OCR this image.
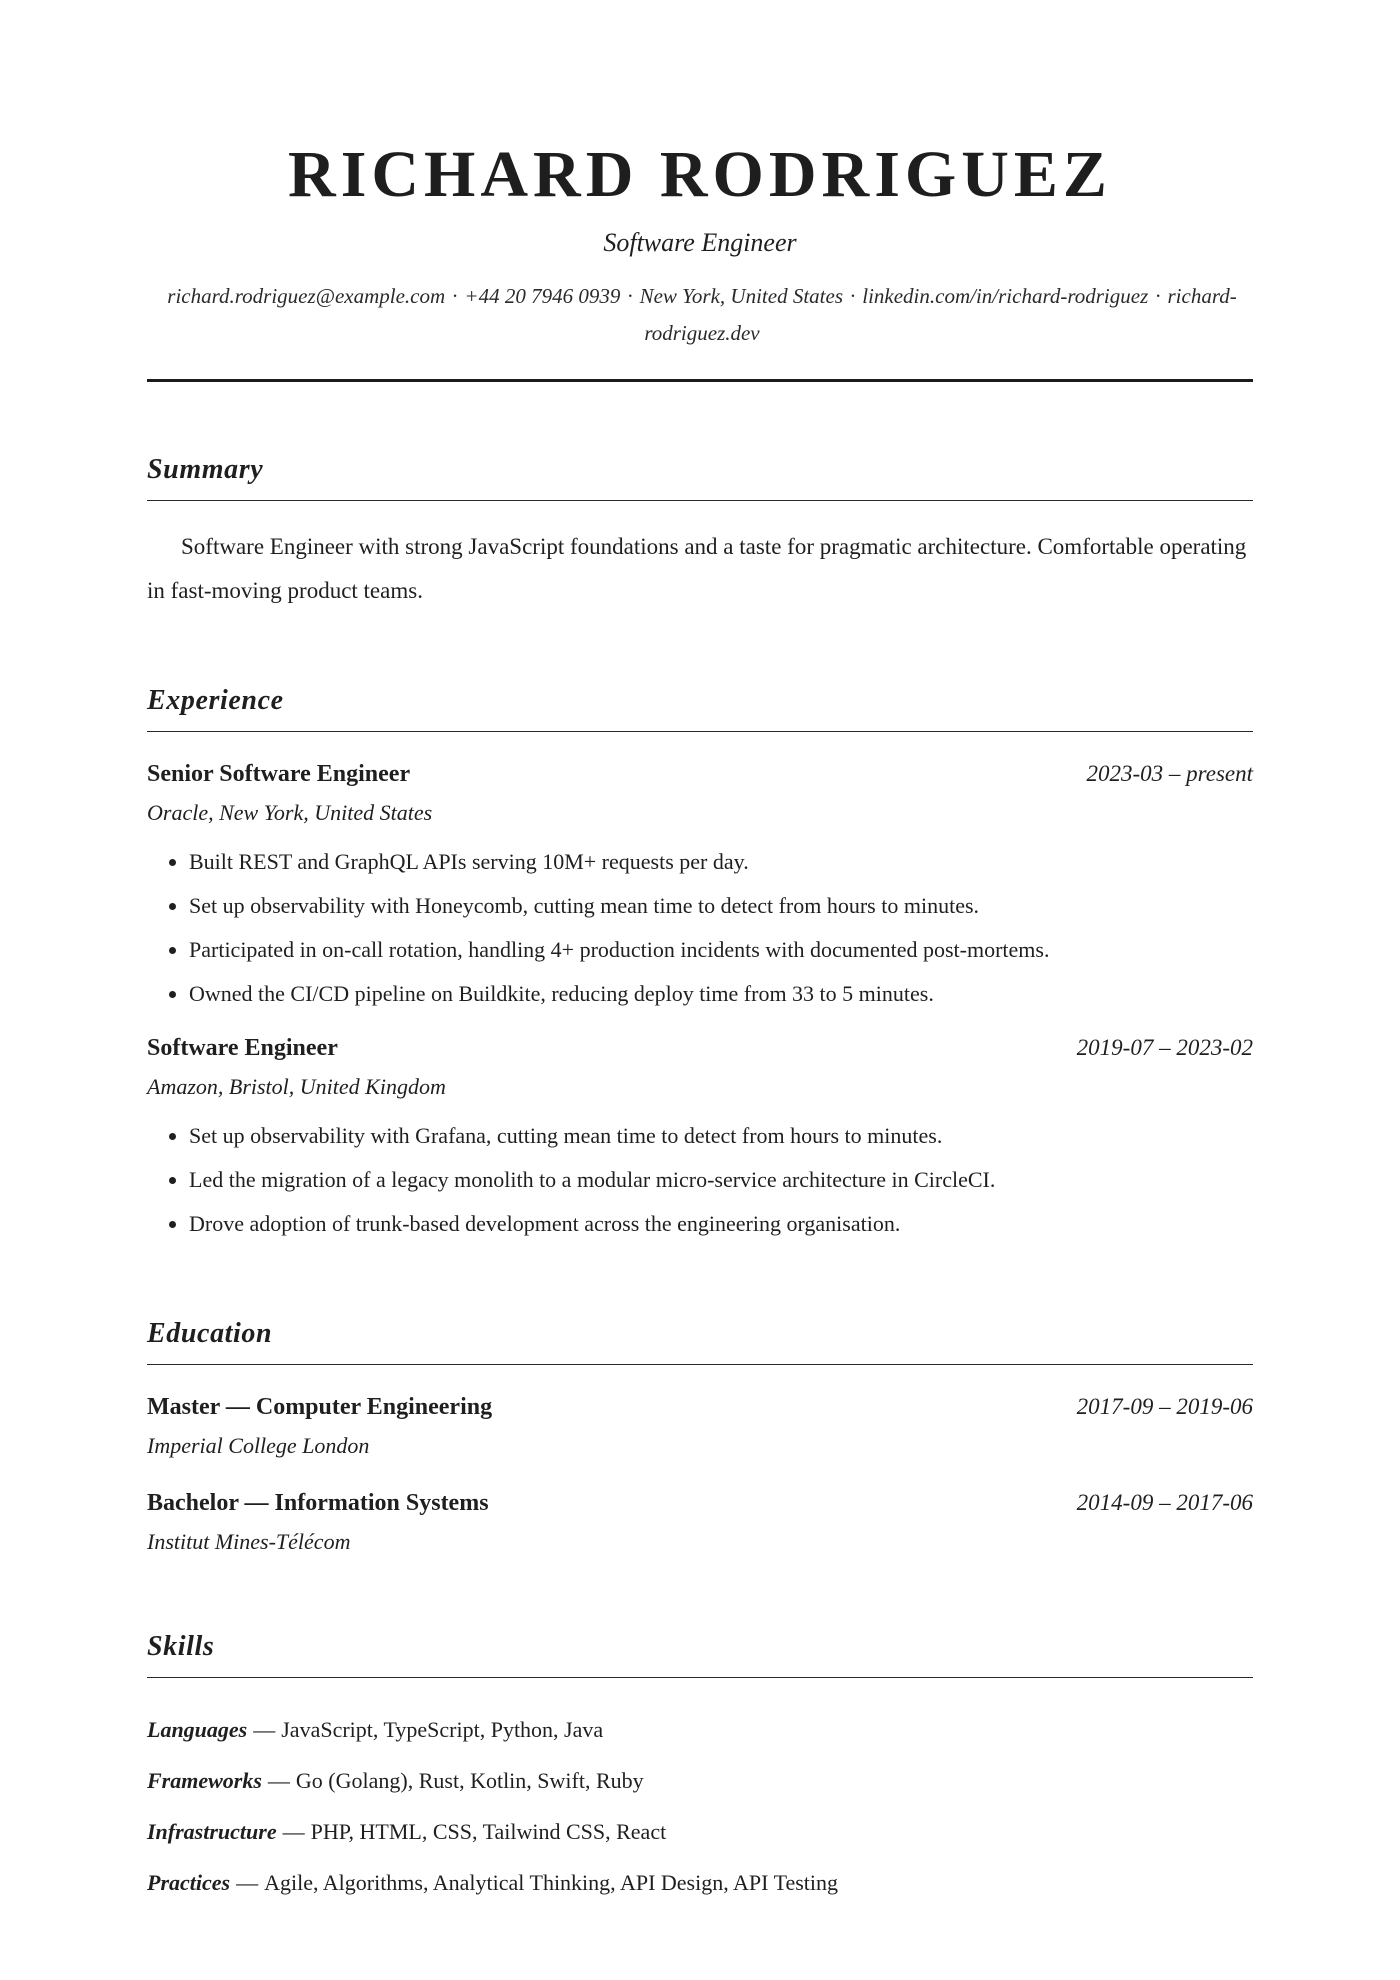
RICHARD RODRIGUEZ
Software Engineer
richard.rodriguez@example.com · +44 20 7946 0939 · New York, United States · linkedin.com/in/richard-rodriguez · richard-rodriguez.dev
Summary

Software Engineer with strong JavaScript foundations and a taste for pragmatic architecture. Comfortable operating in fast-moving product teams.

Experience
Senior Software Engineer	2023-03 – present
Oracle, New York, United States
• Built REST and GraphQL APIs serving 10M+ requests per day.
• Set up observability with Honeycomb, cutting mean time to detect from hours to minutes.
• Participated in on-call rotation, handling 4+ production incidents with documented post-mortems.
• Owned the CI/CD pipeline on Buildkite, reducing deploy time from 33 to 5 minutes.
Software Engineer	2019-07 – 2023-02
Amazon, Bristol, United Kingdom
• Set up observability with Grafana, cutting mean time to detect from hours to minutes.
• Led the migration of a legacy monolith to a modular micro-service architecture in CircleCI.
• Drove adoption of trunk-based development across the engineering organisation.
Education
Master — Computer Engineering	2017-09 – 2019-06
Imperial College London
Bachelor — Information Systems	2014-09 – 2017-06
Institut Mines-Télécom
Skills
Languages — JavaScript, TypeScript, Python, Java
Frameworks — Go (Golang), Rust, Kotlin, Swift, Ruby
Infrastructure — PHP, HTML, CSS, Tailwind CSS, React
Practices — Agile, Algorithms, Analytical Thinking, API Design, API Testing
